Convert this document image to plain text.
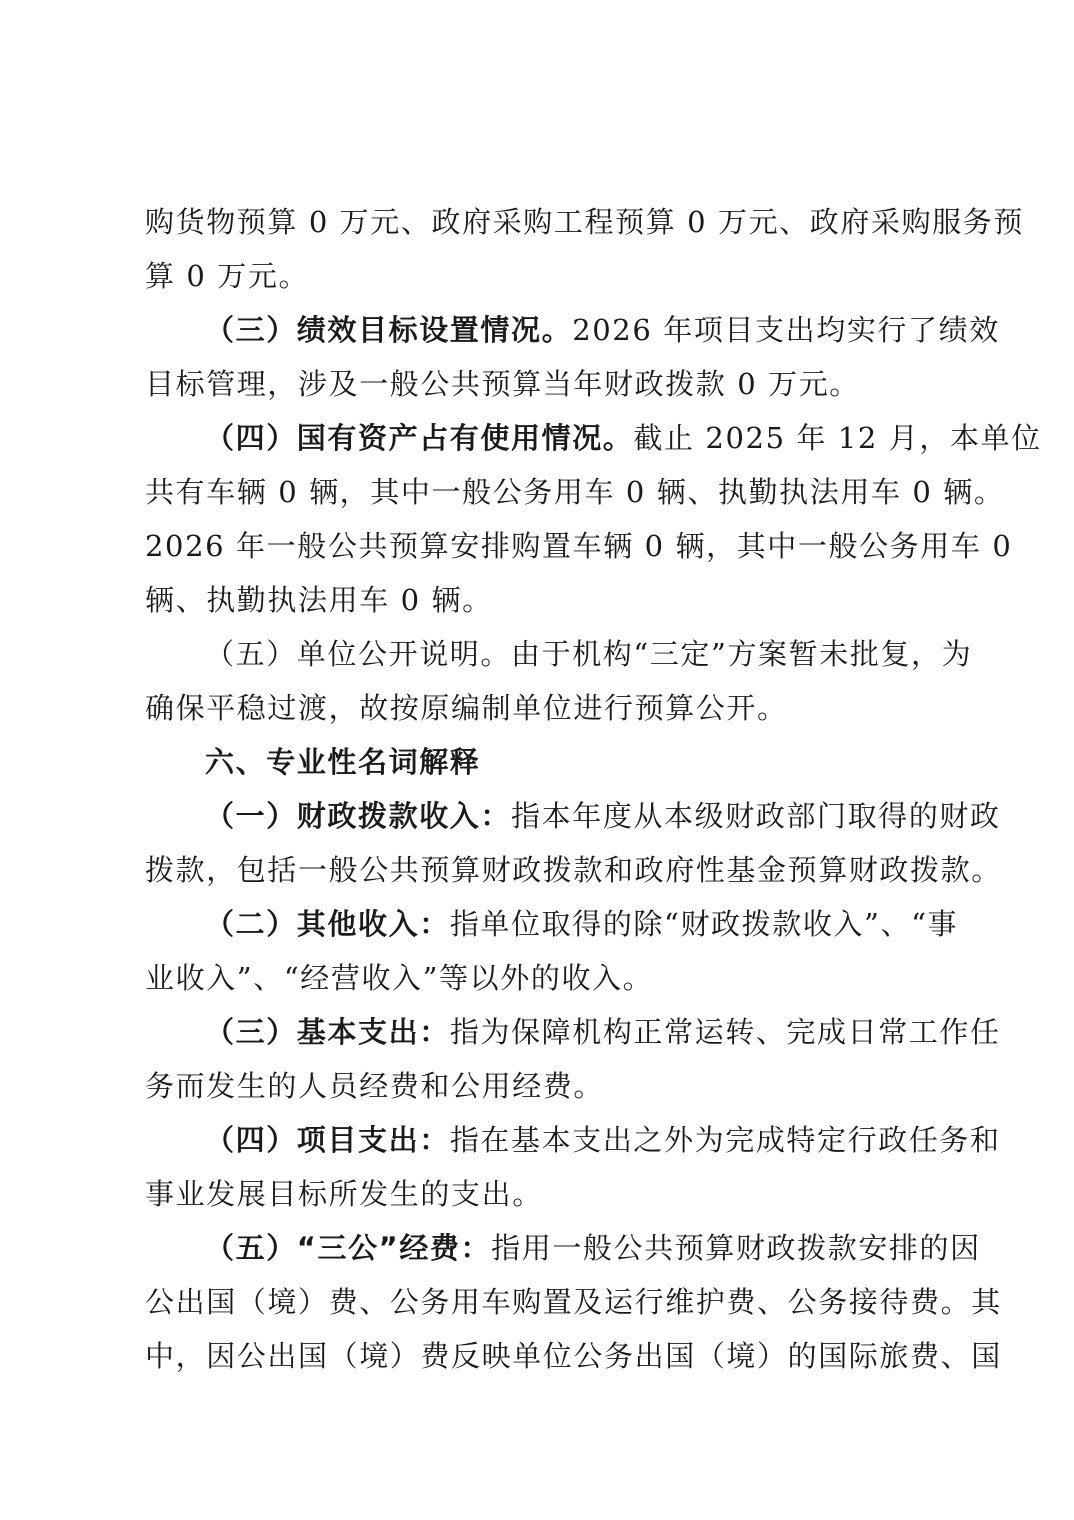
购货物预算 0 万元、政府采购工程预算 0 万元、政府采购服务预
算 0 万元。
（三）绩效目标设置情况。2026 年项目支出均实行了绩效
目标管理，涉及一般公共预算当年财政拨款 0 万元。
（四）国有资产占有使用情况。截止 2025 年 12 月，本单位
共有车辆 0 辆，其中一般公务用车 0 辆、执勤执法用车 0 辆。
2026 年一般公共预算安排购置车辆 0 辆，其中一般公务用车 0
辆、执勤执法用车 0 辆。
（五）单位公开说明。由于机构“三定”方案暂未批复，为
确保平稳过渡，故按原编制单位进行预算公开。
六、专业性名词解释
（一）财政拨款收入：指本年度从本级财政部门取得的财政
拨款，包括一般公共预算财政拨款和政府性基金预算财政拨款。
（二）其他收入：指单位取得的除“财政拨款收入”、“事
业收入”、“经营收入”等以外的收入。
（三）基本支出：指为保障机构正常运转、完成日常工作任
务而发生的人员经费和公用经费。
（四）项目支出：指在基本支出之外为完成特定行政任务和
事业发展目标所发生的支出。
（五）“三公”经费：指用一般公共预算财政拨款安排的因
公出国（境）费、公务用车购置及运行维护费、公务接待费。其
中，因公出国（境）费反映单位公务出国（境）的国际旅费、国
